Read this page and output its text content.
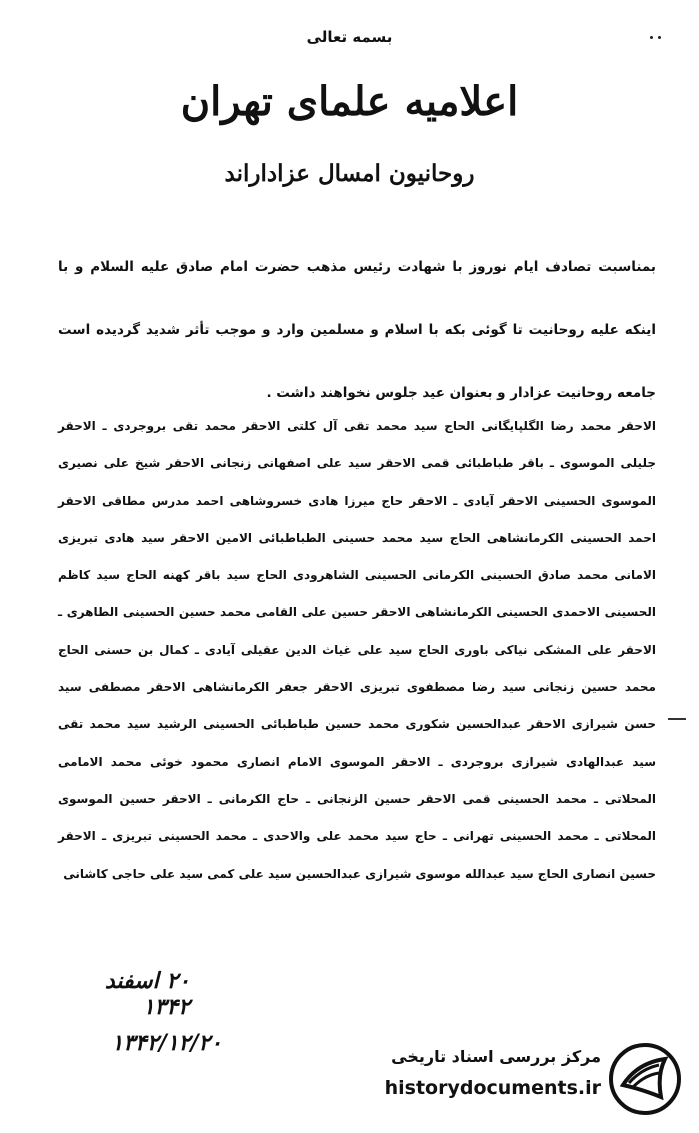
بسمه تعالی
اعلامیه علمای تهران
روحانیون امسال عزاداراند
بمناسبت تصادف ایام نوروز با شهادت رئیس مذهب حضرت امام صادق علیه السلام و با اینکه علیه روحانیت تا گوئی بکه با اسلام و مسلمین وارد و موجب تأثر شدید گردیده است جامعه روحانیت عزادار و بعنوان عید جلوس نخواهند داشت .
الاحقر محمد رضا الگلپایگانی الحاج سید محمد تقی آل کلتی الاحقر محمد تقی بروجردی ـ الاحقر جلیلی الموسوی ـ باقر طباطبائی قمی الاحقر سید علی اصفهانی زنجانی الاحقر شیخ علی نصیری الموسوی الحسینی الاحقر آیادی ـ الاحقر حاج میرزا هادی خسروشاهی احمد مدرس مطاقی الاحقر احمد الحسینی الکرمانشاهی الحاج سید محمد حسینی الطباطبائی الامین الاحقر سید هادی تبریزی الامانی محمد صادق الحسینی الکرمانی الحسینی الشاهرودی الحاج سید باقر کهنه الحاج سید کاظم الحسینی الاحمدی الحسینی الکرمانشاهی الاحقر حسین علی القامی محمد حسین الحسینی الطاهری ـ الاحقر علی المشکی نیاکی باوری الحاج سید علی غیاث الدین عقیلی آیادی ـ کمال بن حسنی الحاج محمد حسین زنجانی سید رضا مصطفوی تبریزی الاحقر جعفر الکرمانشاهی الاحقر مصطفی سید حسن شیرازی الاحقر عبدالحسین شکوری محمد حسین طباطبائی الحسینی الرشید سید محمد تقی سید عبدالهادی شیرازی بروجردی ـ الاحقر الموسوی الامام انصاری محمود خوئی محمد الامامی المحلاتی ـ محمد الحسینی قمی الاحقر حسین الزنجانی ـ حاج الکرمانی ـ الاحقر حسین الموسوی المحلاتی ـ محمد الحسینی تهرانی ـ حاج سید محمد علی والاحدی ـ محمد الحسینی تبریزی ـ الاحقر حسین انصاری الحاج سید عبدالله موسوی شیرازی عبدالحسین سید علی کمی سید علی حاجی کاشانی
۲۰ اسفند ۱۳۴۲
۱۳۴۲/۱۲/۲۰
مرکز بررسی اسناد تاریخی
historydocuments.ir
